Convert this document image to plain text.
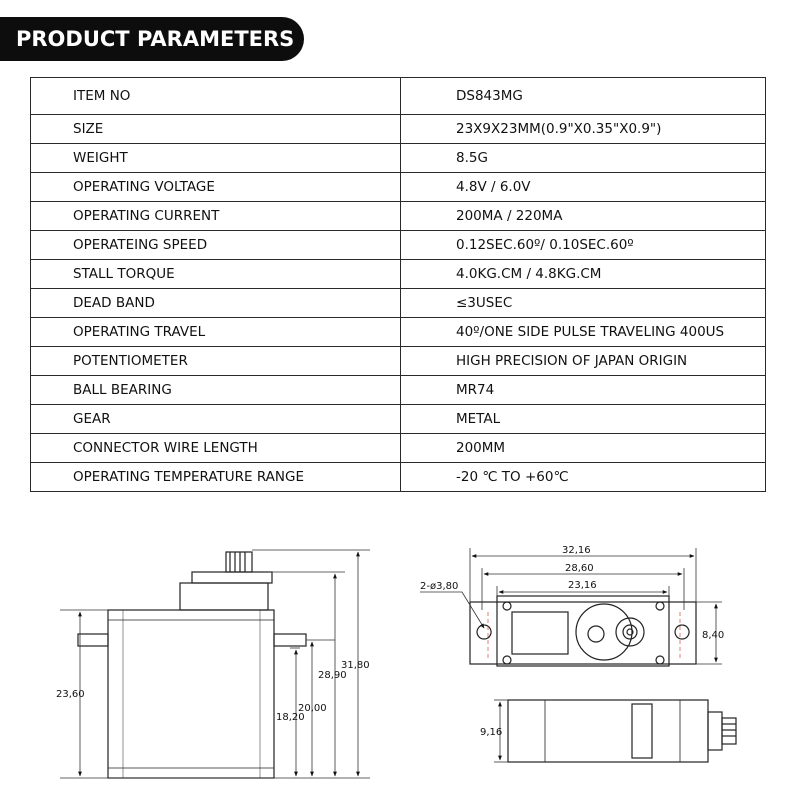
PRODUCT PARAMETERS
ITEM NO	DS843MG
SIZE	23X9X23MM(0.9"X0.35"X0.9")
WEIGHT	8.5G
OPERATING VOLTAGE	4.8V / 6.0V
OPERATING CURRENT	200MA / 220MA
OPERATEING SPEED	0.12SEC.60º/ 0.10SEC.60º
STALL TORQUE	4.0KG.CM / 4.8KG.CM
DEAD BAND	≤3USEC
OPERATING TRAVEL	40º/ONE SIDE PULSE TRAVELING 400US
POTENTIOMETER	HIGH PRECISION OF JAPAN ORIGIN
BALL BEARING	MR74
GEAR	METAL
CONNECTOR WIRE LENGTH	200MM
OPERATING TEMPERATURE RANGE	-20 ℃ TO +60℃
23,60
18,20
20,00
28,90
31,80
32,16
28,60
23,16
2-ø3,80
8,40
9,16
